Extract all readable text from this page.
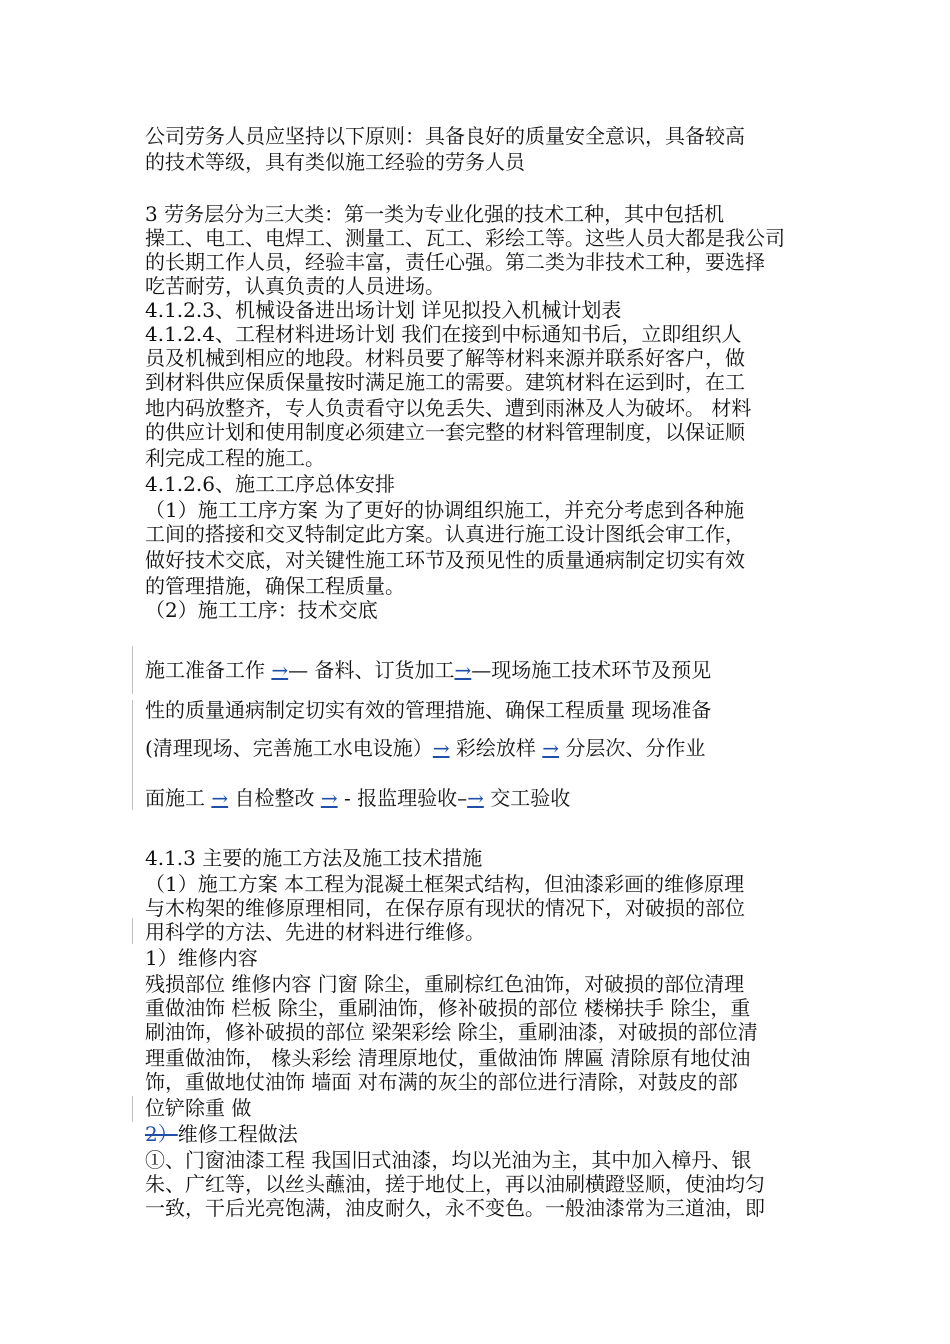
公司劳务人员应坚持以下原则：具备良好的质量安全意识，具备较高
的技术等级，具有类似施工经验的劳务人员
3 劳务层分为三大类：第一类为专业化强的技术工种，其中包括机
操工、电工、电焊工、测量工、瓦工、彩绘工等。这些人员大都是我公司
的长期工作人员，经验丰富，责任心强。第二类为非技术工种，要选择
吃苦耐劳，认真负责的人员进场。
4.1.2.3、机械设备进出场计划 详见拟投入机械计划表
4.1.2.4、工程材料进场计划 我们在接到中标通知书后，立即组织人
员及机械到相应的地段。材料员要了解等材料来源并联系好客户，做
到材料供应保质保量按时满足施工的需要。建筑材料在运到时，在工
地内码放整齐，专人负责看守以免丢失、遭到雨淋及人为破坏。 材料
的供应计划和使用制度必须建立一套完整的材料管理制度，以保证顺
利完成工程的施工。
4.1.2.6、施工工序总体安排
（1）施工工序方案 为了更好的协调组织施工，并充分考虑到各种施
工间的搭接和交叉特制定此方案。认真进行施工设计图纸会审工作，
做好技术交底，对关键性施工环节及预见性的质量通病制定切实有效
的管理措施，确保工程质量。
（2）施工工序：技术交底
施工准备工作 →— 备料、订货加工→—现场施工技术环节及预见
性的质量通病制定切实有效的管理措施、确保工程质量 现场准备
(清理现场、完善施工水电设施）→ 彩绘放样 → 分层次、分作业
面施工 → 自检整改 → - 报监理验收–→ 交工验收
4.1.3 主要的施工方法及施工技术措施
（1）施工方案 本工程为混凝土框架式结构，但油漆彩画的维修原理
与木构架的维修原理相同，在保存原有现状的情况下，对破损的部位
用科学的方法、先进的材料进行维修。
1）维修内容
残损部位 维修内容 门窗 除尘，重刷棕红色油饰，对破损的部位清理
重做油饰 栏板 除尘，重刷油饰，修补破损的部位 楼梯扶手 除尘，重
刷油饰，修补破损的部位 梁架彩绘 除尘，重刷油漆，对破损的部位清
理重做油饰， 椽头彩绘 清理原地仗，重做油饰 牌匾 清除原有地仗油
饰，重做地仗油饰 墙面 对布满的灰尘的部位进行清除，对鼓皮的部
位铲除重 做
2）维修工程做法
①、门窗油漆工程 我国旧式油漆，均以光油为主，其中加入樟丹、银
朱、广红等，以丝头蘸油，搓于地仗上，再以油刷横蹬竖顺，使油均匀
一致，干后光亮饱满，油皮耐久，永不变色。一般油漆常为三道油，即
